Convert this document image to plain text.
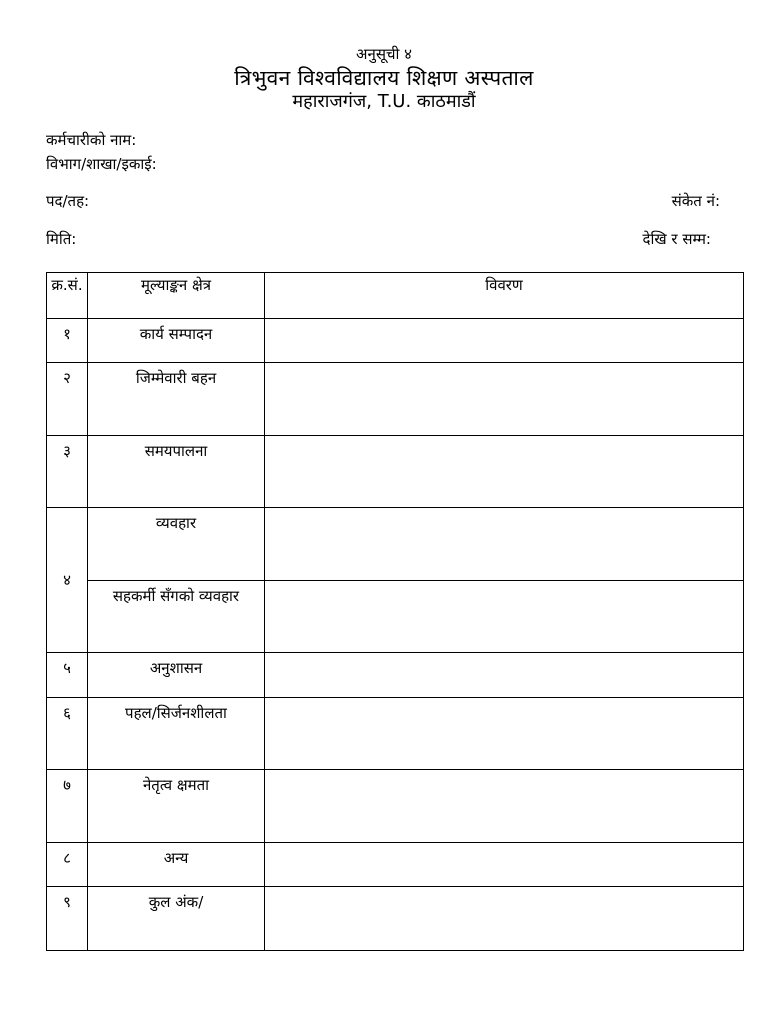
अनुसूची ४
त्रिभुवन विश्वविद्यालय शिक्षण अस्पताल
महाराजगंज, T.U. काठमाडौं
कर्मचारीको नाम:
विभाग/शाखा/इकाई:
पद/तह:	संकेत नं:
मिति:	देखि र सम्म:
क्र.सं.	मूल्याङ्कन क्षेत्र	विवरण
१	कार्य सम्पादन	
२	जिम्मेवारी बहन	
३	समयपालना	
४	व्यवहार	
	सहकर्मी सँगको व्यवहार	
५	अनुशासन	
६	पहल/सिर्जनशीलता	
७	नेतृत्व क्षमता	
८	अन्य	
९	कुल अंक/	
